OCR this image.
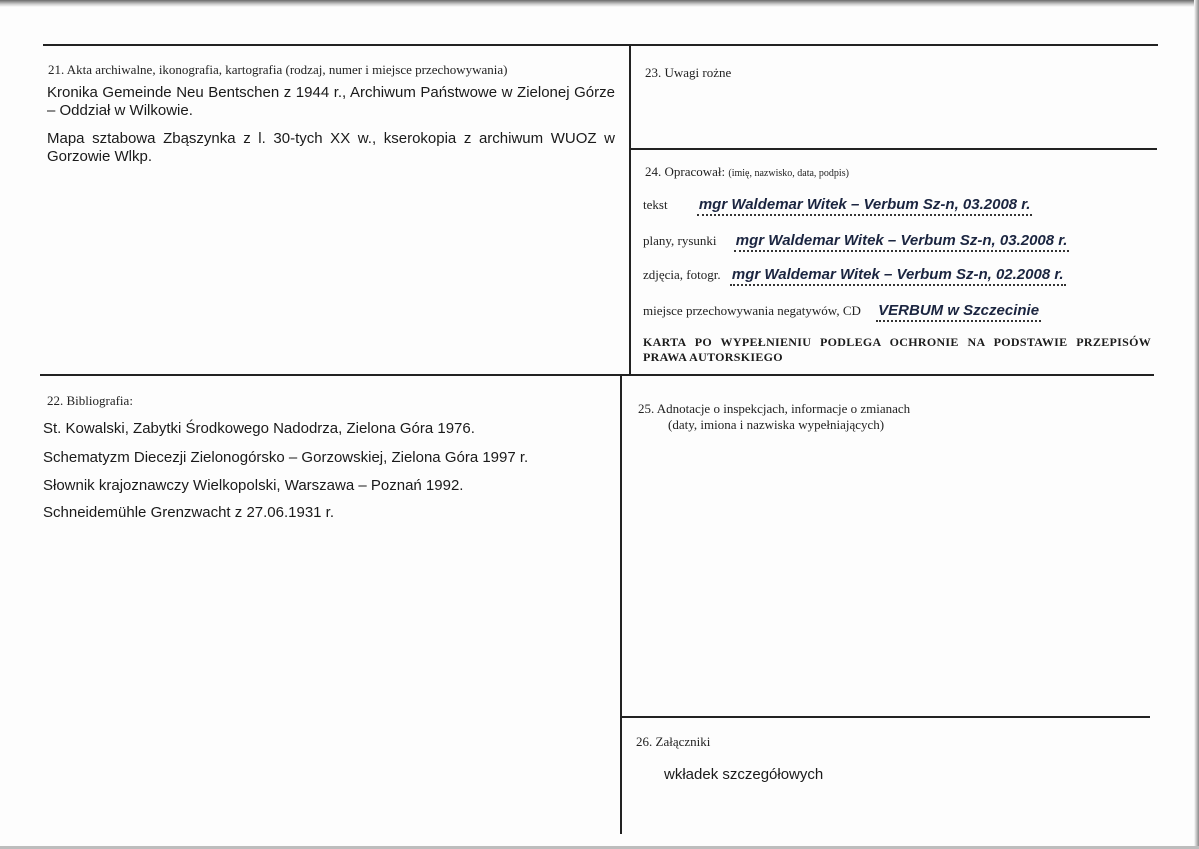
21. Akta archiwalne, ikonografia, kartografia (rodzaj, numer i miejsce przechowywania)
Kronika Gemeinde Neu Bentschen z 1944 r., Archiwum Państwowe w Zielonej Górze – Oddział w Wilkowie.
Mapa sztabowa Zbąszynka z l. 30-tych XX w., kserokopia z archiwum WUOZ w Gorzowie Wlkp.
22. Bibliografia:
St. Kowalski, Zabytki Środkowego Nadodrza, Zielona Góra 1976.
Schematyzm Diecezji Zielonogórsko – Gorzowskiej, Zielona Góra 1997 r.
Słownik krajoznawczy Wielkopolski, Warszawa – Poznań 1992.
Schneidemühle Grenzwacht z 27.06.1931 r.
23. Uwagi rożne
24. Opracował: (imię, nazwisko, data, podpis)
tekst mgr Waldemar Witek – Verbum Sz-n, 03.2008 r.
plany, rysunki mgr Waldemar Witek – Verbum Sz-n, 03.2008 r.
zdjęcia, fotogr. mgr Waldemar Witek – Verbum Sz-n, 02.2008 r.
miejsce przechowywania negatywów, CD VERBUM w Szczecinie
KARTA PO WYPEŁNIENIU PODLEGA OCHRONIE NA PODSTAWIE PRZEPISÓW PRAWA AUTORSKIEGO
25. Adnotacje o inspekcjach, informacje o zmianach
(daty, imiona i nazwiska wypełniających)
26. Załączniki
wkładek szczegółowych
